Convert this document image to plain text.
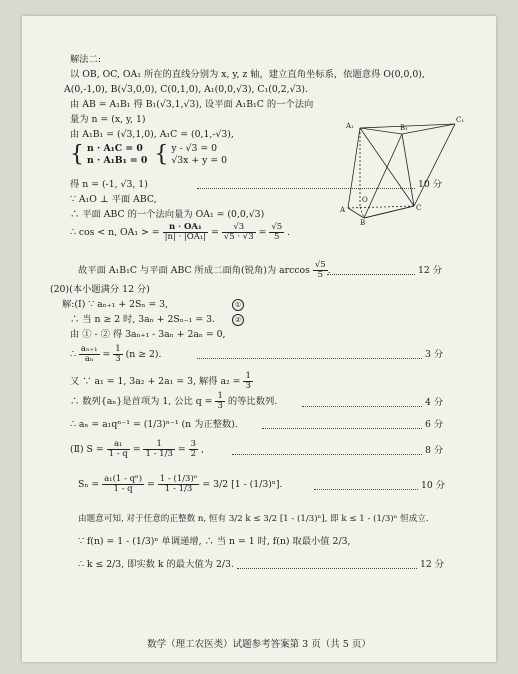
解法二:
以 OB, OC, OA₁ 所在的直线分别为 x, y, z 轴，建立直角坐标系，依题意得 O(0,0,0),
A(0,-1,0), B(√3,0,0), C(0,1,0), A₁(0,0,√3), C₁(0,2,√3).
由 AB = A₁B₁ 得 B₁(√3,1,√3), 设平面 A₁B₁C 的一个法向
量为 n = (x, y, 1)
由 A₁B₁ = (√3,1,0), A₁C = (0,1,-√3),
{ n · A₁C = 0
n · A₁B₁ = 0 { y - √3 = 0
√3x + y = 0
得 n = (-1, √3, 1)	10 分
∵ A₁O ⊥ 平面 ABC,
∴ 平面 ABC 的一个法向量为 OA₁ = (0,0,√3)
∴ cos < n, OA₁ > = $\frac{\text{n · OA₁}}{\text{|n| · |OA₁|}} = \frac{√3}{√5 \cdot √3} = \frac{√5}{5}$ .
故平面 A₁B₁C 与平面 ABC 所成二面角(锐角)为 $\arccos \frac{√5}{5}$ .	12 分
A₁	B₁
C₁
A
B
C
O
(20)(本小题满分 12 分)
解:(Ⅰ) ∵ aₙ₊₁ + 2Sₙ = 3,	①
∴ 当 n ≥ 2 时, 3aₙ + 2Sₙ₋₁ = 3.	②
由 ① - ② 得 3aₙ₊₁ - 3aₙ + 2aₙ = 0,
∴ $\frac{\text{aₙ₊₁}}{\text{aₙ}} = \frac{1}{3} (n \ge 2)$.	3 分
又 ∵ a₁ = 1, 3a₂ + 2a₁ = 3, 解得 $a_2 = \frac{1}{3}$
∴ 数列{aₙ}是首项为 1, 公比 $q = \frac{1}{3}$ 的等比数列.	4 分
∴ aₙ = a₁qⁿ⁻¹ = (1/3)ⁿ⁻¹ (n 为正整数).	6 分
(Ⅱ) $S = \frac{\text{a₁}}{1 - q} = \frac{1}{1 - 1/3} = \frac{3}{2}$ ,	8 分
$S_n = \frac{\text{a₁(1 - qⁿ)}}{1 - q} = \frac{\text{1 - (1/3)ⁿ}}{1 - 1/3} = 3/2$ [1 - (1/3)ⁿ].	10 分
由题意可知, 对于任意的正整数 n, 恒有 3/2 k ≤ 3/2 [1 - (1/3)ⁿ], 即 k ≤ 1 - (1/3)ⁿ 恒成立.
∵ f(n) = 1 - (1/3)ⁿ 单调递增, ∴ 当 n = 1 时, f(n) 取最小值 2/3,
∴ k ≤ 2/3, 即实数 k 的最大值为 2/3.	12 分
数学（理工农医类）试题参考答案第 3 页（共 5 页）
